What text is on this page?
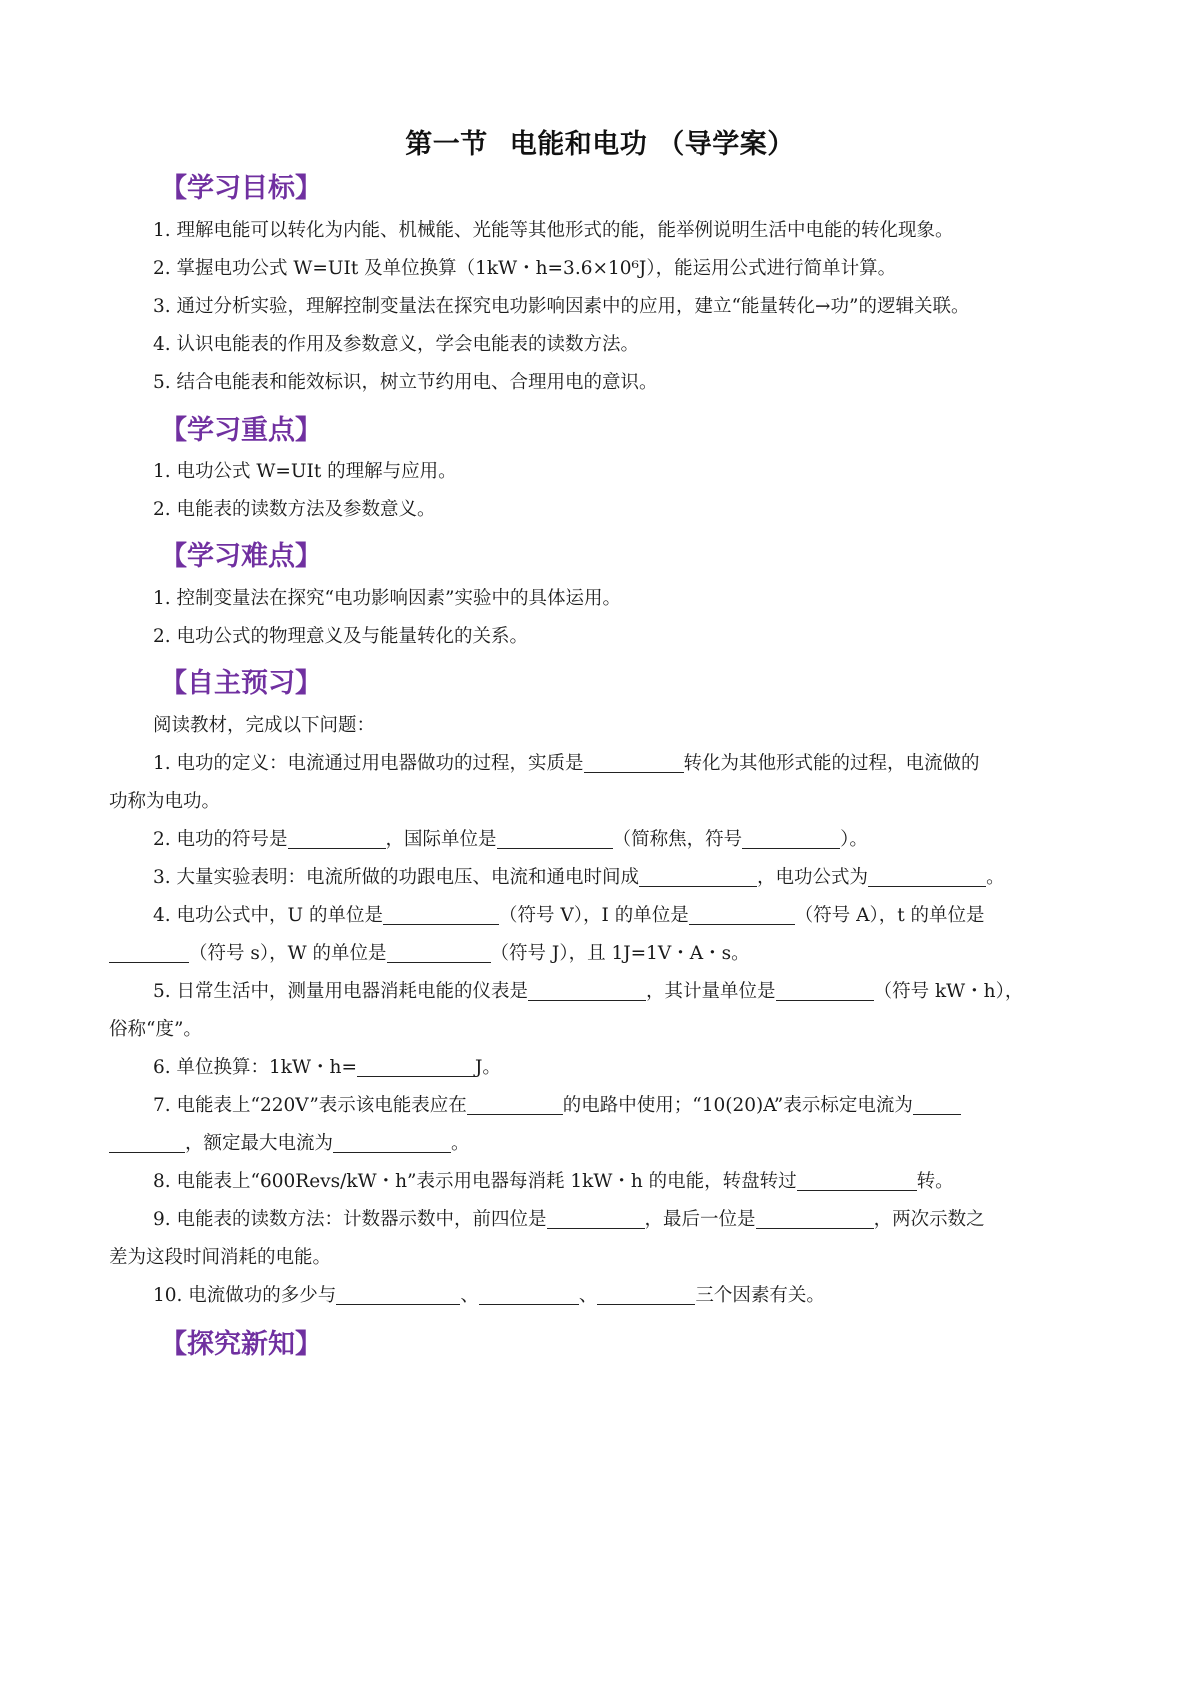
第一节 电能和电功 （导学案）
【学习目标】
1. 理解电能可以转化为内能、机械能、光能等其他形式的能，能举例说明生活中电能的转化现象。
2. 掌握电功公式 W=UIt 及单位换算（1kW・h=3.6×10⁶J），能运用公式进行简单计算。
3. 通过分析实验，理解控制变量法在探究电功影响因素中的应用，建立“能量转化→功”的逻辑关联。
4. 认识电能表的作用及参数意义，学会电能表的读数方法。
5. 结合电能表和能效标识，树立节约用电、合理用电的意识。
【学习重点】
1. 电功公式 W=UIt 的理解与应用。
2. 电能表的读数方法及参数意义。
【学习难点】
1. 控制变量法在探究“电功影响因素”实验中的具体运用。
2. 电功公式的物理意义及与能量转化的关系。
【自主预习】
阅读教材，完成以下问题：
1. 电功的定义：电流通过用电器做功的过程，实质是	转化为其他形式能的过程，电流做的
功称为电功。
2. 电功的符号是	，国际单位是	（简称焦，符号	）。
3. 大量实验表明：电流所做的功跟电压、电流和通电时间成	，电功公式为	。
4. 电功公式中，U 的单位是	（符号 V），I 的单位是	（符号 A），t 的单位是
（符号 s），W 的单位是	（符号 J），且 1J=1V・A・s。
5. 日常生活中，测量用电器消耗电能的仪表是	，其计量单位是	（符号 kW・h），
俗称“度”。
6. 单位换算：1kW・h=	J。
7. 电能表上“220V”表示该电能表应在	的电路中使用；“10(20)A”表示标定电流为
，额定最大电流为	。
8. 电能表上“600Revs/kW・h”表示用电器每消耗 1kW・h 的电能，转盘转过	转。
9. 电能表的读数方法：计数器示数中，前四位是	，最后一位是	，两次示数之
差为这段时间消耗的电能。
10. 电流做功的多少与	、	、	三个因素有关。
【探究新知】
